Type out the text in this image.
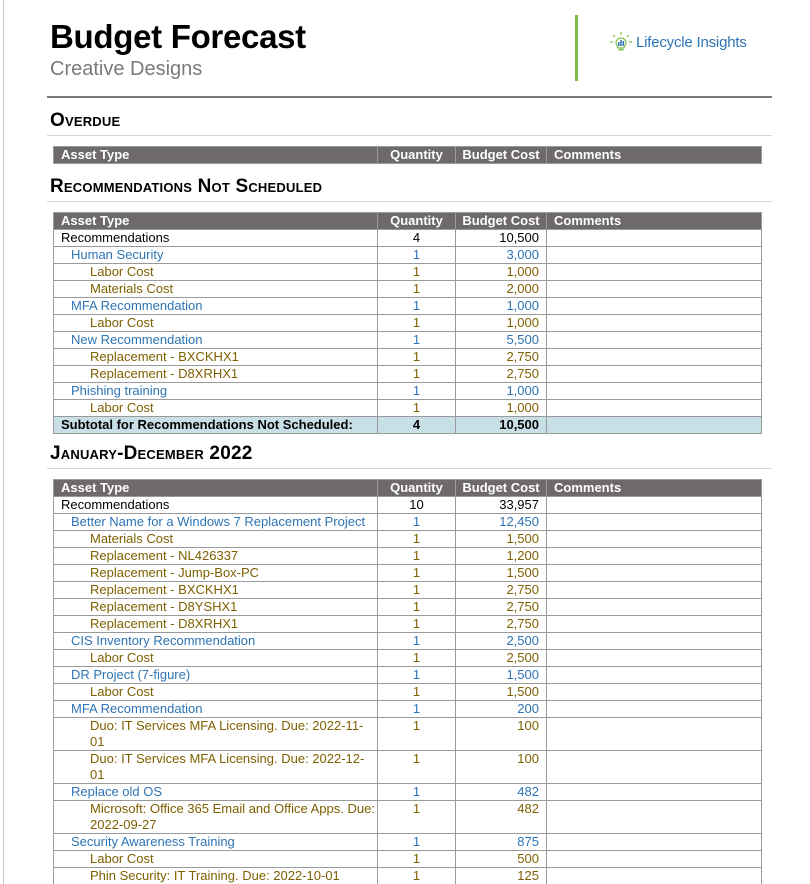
Budget Forecast
Creative Designs
Lifecycle Insights
Overdue
Asset Type	Quantity	Budget Cost	Comments
Recommendations Not Scheduled
Asset Type	Quantity	Budget Cost	Comments
Recommendations	4	10,500	
Human Security	1	3,000	
Labor Cost	1	1,000	
Materials Cost	1	2,000	
MFA Recommendation	1	1,000	
Labor Cost	1	1,000	
New Recommendation	1	5,500	
Replacement - BXCKHX1	1	2,750	
Replacement - D8XRHX1	1	2,750	
Phishing training	1	1,000	
Labor Cost	1	1,000	
Subtotal for Recommendations Not Scheduled:	4	10,500	
January-December 2022
Asset Type	Quantity	Budget Cost	Comments
Recommendations	10	33,957	
Better Name for a Windows 7 Replacement Project	1	12,450	
Materials Cost	1	1,500	
Replacement - NL426337	1	1,200	
Replacement - Jump-Box-PC	1	1,500	
Replacement - BXCKHX1	1	2,750	
Replacement - D8YSHX1	1	2,750	
Replacement - D8XRHX1	1	2,750	
CIS Inventory Recommendation	1	2,500	
Labor Cost	1	2,500	
DR Project (7-figure)	1	1,500	
Labor Cost	1	1,500	
MFA Recommendation	1	200	
Duo: IT Services MFA Licensing. Due: 2022-11-01	1	100	
Duo: IT Services MFA Licensing. Due: 2022-12-01	1	100	
Replace old OS	1	482	
Microsoft: Office 365 Email and Office Apps. Due: 2022-09-27	1	482	
Security Awareness Training	1	875	
Labor Cost	1	500	
Phin Security: IT Training. Due: 2022-10-01	1	125	
